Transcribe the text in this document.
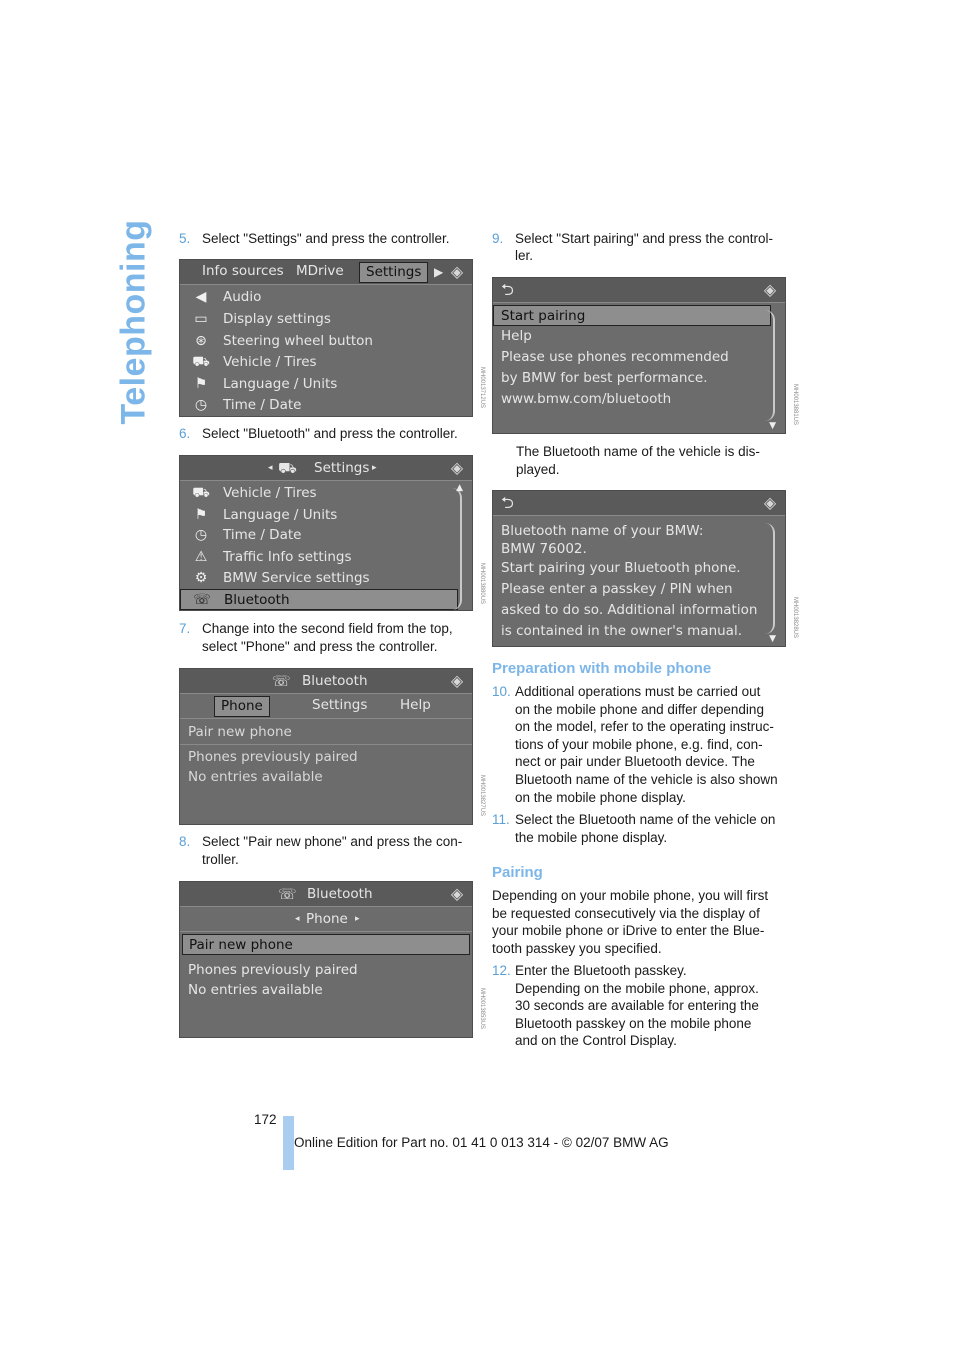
Telephoning 5. Select "Settings" and press the controller.
Info sources MDrive	Settings	▶ ◈
◀	Audio
▭	Display settings
⊛	Steering wheel button
⛟ Vehicle / Tires
⚑	Language / Units
◷	Time / Date	MH0013712US
6. Select "Bluetooth" and press the controller.
◂ ⛟ Settings ▸	◈
⛟ Vehicle / Tires
⚑	Language / Units
◷	Time / Date
⚠	Traffic Info settings
⚙	BMW Service settings
☏ Bluetooth
▲
MH0013880US
7. Change into the second field from the top,
select "Phone" and press the controller.
☏ Bluetooth	◈
Phone	Settings	Help
Pair new phone
Phones previously paired
No entries available	MH0013827US
8. Select "Pair new phone" and press the con-
troller.
☏ Bluetooth	◈
◂ Phone ▸
Pair new phone
Phones previously paired
No entries available	MH0013853US
9. Select "Start pairing" and press the control-
ler.
⮌	◈
Start pairing
Help
Please use phones recommended
by BMW for best performance.
www.bmw.com/bluetooth
▼
MH0013881US
The Bluetooth name of the vehicle is dis-
played.
⮌	◈
Bluetooth name of your BMW:
BMW 76002.
Start pairing your Bluetooth phone.
Please enter a passkey / PIN when
asked to do so. Additional information
is contained in the owner's manual.	▼
MH0013828US
Preparation with mobile phone
10. Additional operations must be carried out
on the mobile phone and differ depending
on the model, refer to the operating instruc-
tions of your mobile phone, e.g. find, con-
nect or pair under Bluetooth device. The
Bluetooth name of the vehicle is also shown
on the mobile phone display.
11. Select the Bluetooth name of the vehicle on
the mobile phone display.
Pairing
Depending on your mobile phone, you will first
be requested consecutively via the display of
your mobile phone or iDrive to enter the Blue-
tooth passkey you specified.
12. Enter the Bluetooth passkey.
Depending on the mobile phone, approx.
30 seconds are available for entering the
Bluetooth passkey on the mobile phone
and on the Control Display.
172
Online Edition for Part no. 01 41 0 013 314 - © 02/07 BMW AG
